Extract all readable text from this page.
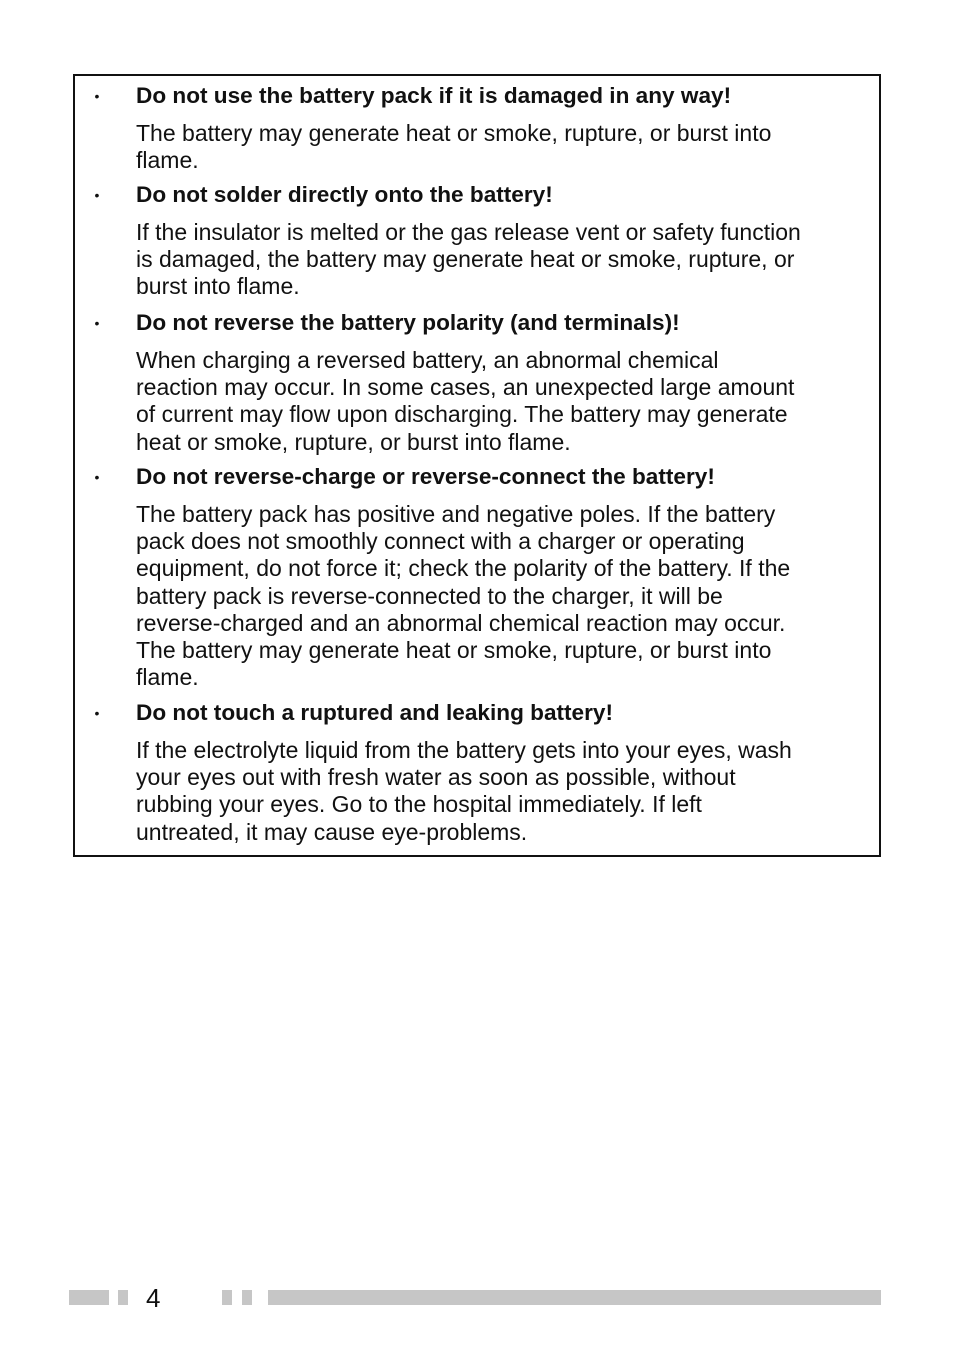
• Do not use the battery pack if it is damaged in any way!
The battery may generate heat or smoke, rupture, or burst into
flame.
• Do not solder directly onto the battery!
If the insulator is melted or the gas release vent or safety function
is damaged, the battery may generate heat or smoke, rupture, or
burst into flame.
• Do not reverse the battery polarity (and terminals)!
When charging a reversed battery, an abnormal chemical
reaction may occur. In some cases, an unexpected large amount
of current may flow upon discharging. The battery may generate
heat or smoke, rupture, or burst into flame.
• Do not reverse-charge or reverse-connect the battery!
The battery pack has positive and negative poles. If the battery
pack does not smoothly connect with a charger or operating
equipment, do not force it; check the polarity of the battery. If the
battery pack is reverse-connected to the charger, it will be
reverse-charged and an abnormal chemical reaction may occur.
The battery may generate heat or smoke, rupture, or burst into
flame.
• Do not touch a ruptured and leaking battery!
If the electrolyte liquid from the battery gets into your eyes, wash
your eyes out with fresh water as soon as possible, without
rubbing your eyes. Go to the hospital immediately. If left
untreated, it may cause eye-problems.
4
